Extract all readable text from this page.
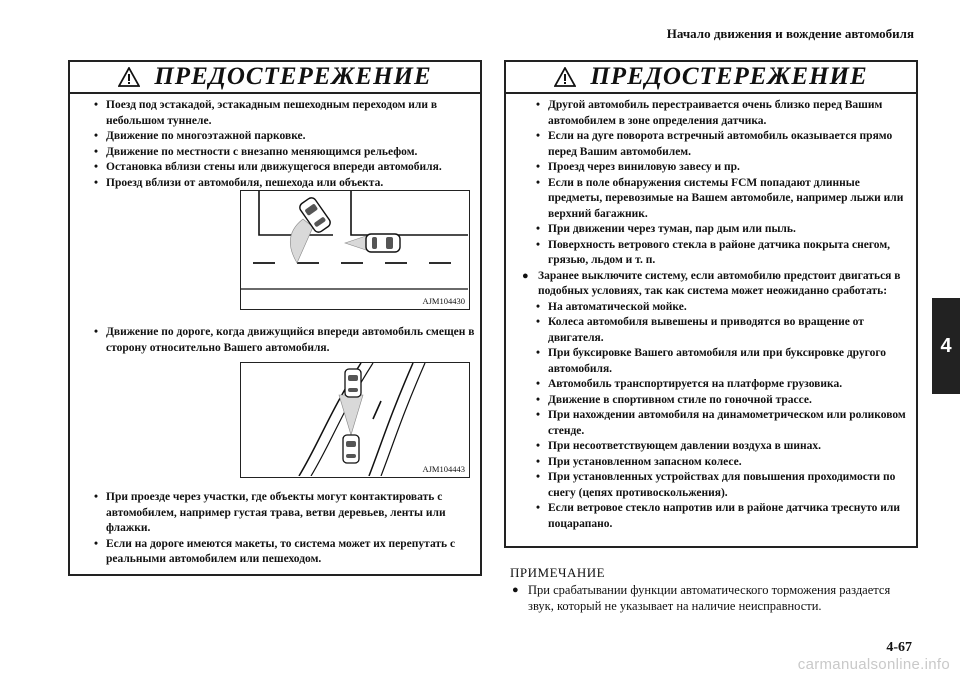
Начало движения и вождение автомобиля
4
4-67
carmanualsonline.info
ПРЕДОСТЕРЕЖЕНИЕ
• Поезд под эстакадой, эстакадным пешеходным переходом или в небольшом туннеле.
• Движение по многоэтажной парковке.
• Движение по местности с внезапно меняющимся рельефом.
• Остановка вблизи стены или движущегося впереди автомобиля.
• Проезд вблизи от автомобиля, пешехода или объекта.
AJM104430
• Движение по дороге, когда движущийся впереди автомобиль смещен в сторону относительно Вашего автомобиля.
AJM104443
• При проезде через участки, где объекты могут контактировать с автомобилем, например густая трава, ветви деревьев, ленты или флажки.
• Если на дороге имеются макеты, то система может их перепутать с реальными автомобилем или пешеходом.
ПРЕДОСТЕРЕЖЕНИЕ
• Другой автомобиль перестраивается очень близко перед Вашим автомобилем в зоне определения датчика.
• Если на дуге поворота встречный автомобиль оказывается прямо перед Вашим автомобилем.
• Проезд через виниловую завесу и пр.
• Если в поле обнаружения системы FCM попадают длинные предметы, перевозимые на Вашем автомобиле, например лыжи или верхний багажник.
• При движении через туман, пар дым или пыль.
• Поверхность ветрового стекла в районе датчика покрыта снегом, грязью, льдом и т. п.
● Заранее выключите систему, если автомобилю предстоит двигаться в подобных условиях, так как система может неожиданно сработать:
• На автоматической мойке.
• Колеса автомобиля вывешены и приводятся во вращение от двигателя.
• При буксировке Вашего автомобиля или при буксировке другого автомобиля.
• Автомобиль транспортируется на платформе грузовика.
• Движение в спортивном стиле по гоночной трассе.
• При нахождении автомобиля на динамометрическом или роликовом стенде.
• При несоответствующем давлении воздуха в шинах.
• При установленном запасном колесе.
• При установленных устройствах для повышения проходимости по снегу (цепях противоскольжения).
• Если ветровое стекло напротив или в районе датчика треснуто или поцарапано.
ПРИМЕЧАНИЕ
● При срабатывании функции автоматического торможения раздается звук, который не указывает на наличие неисправности.
